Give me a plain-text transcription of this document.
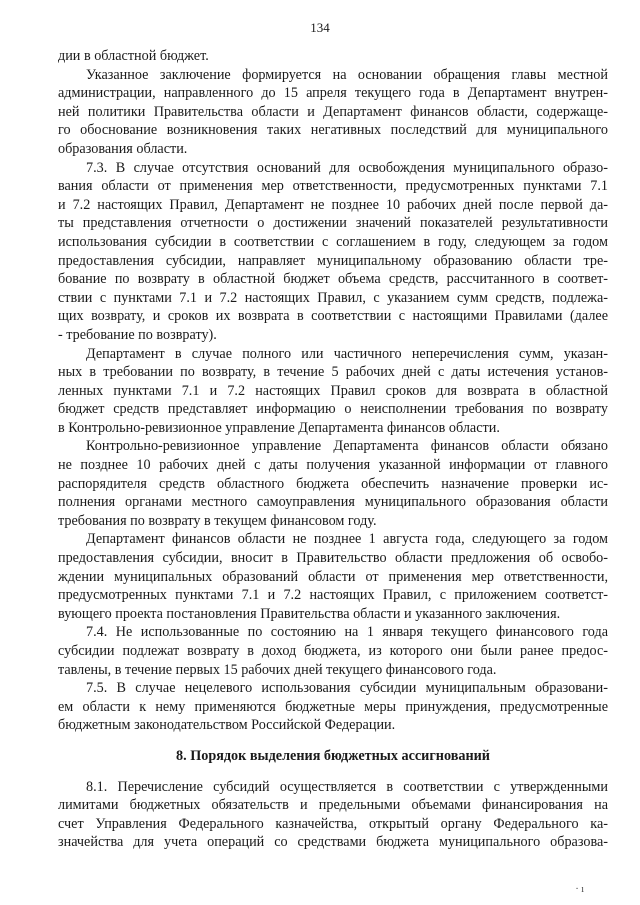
134
дии в областной бюджет.
Указанное заключение формируется на основании обращения главы местной
администрации, направленного до 15 апреля текущего года в Департамент внутрен-
ней политики Правительства области и Департамент финансов области, содержаще-
го обоснование возникновения таких негативных последствий для муниципального
образования области.
7.3. В случае отсутствия оснований для освобождения муниципального образо-
вания области от применения мер ответственности, предусмотренных пунктами 7.1
и 7.2 настоящих Правил, Департамент не позднее 10 рабочих дней после первой да-
ты представления отчетности о достижении значений показателей результативности
использования субсидии в соответствии с соглашением в году, следующем за годом
предоставления субсидии, направляет муниципальному образованию области тре-
бование по возврату в областной бюджет объема средств, рассчитанного в соответ-
ствии с пунктами 7.1 и 7.2 настоящих Правил, с указанием сумм средств, подлежа-
щих возврату, и сроков их возврата в соответствии с настоящими Правилами (далее
- требование по возврату).
Департамент в случае полного или частичного неперечисления сумм, указан-
ных в требовании по возврату, в течение 5 рабочих дней с даты истечения установ-
ленных пунктами 7.1 и 7.2 настоящих Правил сроков для возврата в областной
бюджет средств представляет информацию о неисполнении требования по возврату
в Контрольно-ревизионное управление Департамента финансов области.
Контрольно-ревизионное управление Департамента финансов области обязано
не позднее 10 рабочих дней с даты получения указанной информации от главного
распорядителя средств областного бюджета обеспечить назначение проверки ис-
полнения органами местного самоуправления муниципального образования области
требования по возврату в текущем финансовом году.
Департамент финансов области не позднее 1 августа года, следующего за годом
предоставления субсидии, вносит в Правительство области предложения об освобо-
ждении муниципальных образований области от применения мер ответственности,
предусмотренных пунктами 7.1 и 7.2 настоящих Правил, с приложением соответст-
вующего проекта постановления Правительства области и указанного заключения.
7.4. Не использованные по состоянию на 1 января текущего финансового года
субсидии подлежат возврату в доход бюджета, из которого они были ранее предос-
тавлены, в течение первых 15 рабочих дней текущего финансового года.
7.5. В случае нецелевого использования субсидии муниципальным образовани-
ем области к нему применяются бюджетные меры принуждения, предусмотренные
бюджетным законодательством Российской Федерации.
8. Порядок выделения бюджетных ассигнований
8.1. Перечисление субсидий осуществляется в соответствии с утвержденными
лимитами бюджетных обязательств и предельными объемами финансирования на
счет Управления Федерального казначейства, открытый органу Федерального ка-
значейства для учета операций со средствами бюджета муниципального образова-
· ı
